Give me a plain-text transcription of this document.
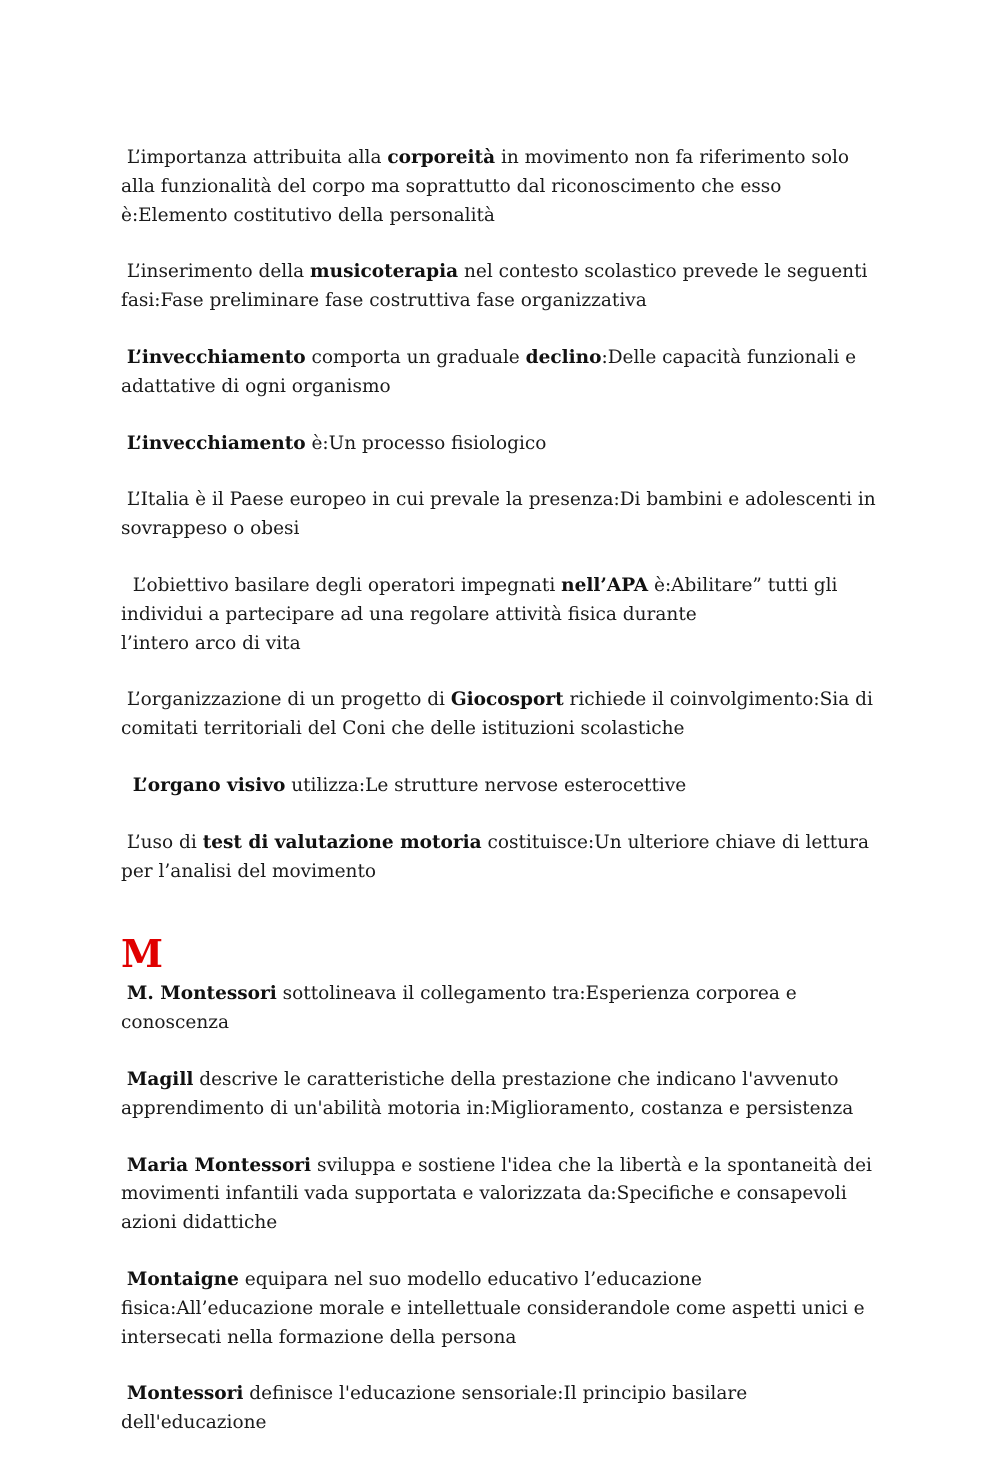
L’importanza attribuita alla corporeità in movimento non fa riferimento solo alla funzionalità del corpo ma soprattutto dal riconoscimento che esso è:Elemento costitutivo della personalità

L’inserimento della musicoterapia nel contesto scolastico prevede le seguenti fasi:Fase preliminare fase costruttiva fase organizzativa

L’invecchiamento comporta un graduale declino:Delle capacità funzionali e adattative di ogni organismo

L’invecchiamento è:Un processo fisiologico

L’Italia è il Paese europeo in cui prevale la presenza:Di bambini e adolescenti in sovrappeso o obesi

L’obiettivo basilare degli operatori impegnati nell’APA è:Abilitare” tutti gli individui a partecipare ad una regolare attività fisica durante
l’intero arco di vita

L’organizzazione di un progetto di Giocosport richiede il coinvolgimento:Sia di comitati territoriali del Coni che delle istituzioni scolastiche

L’organo visivo utilizza:Le strutture nervose esterocettive

L’uso di test di valutazione motoria costituisce:Un ulteriore chiave di lettura per l’analisi del movimento

M

M. Montessori sottolineava il collegamento tra:Esperienza corporea e conoscenza

Magill descrive le caratteristiche della prestazione che indicano l'avvenuto apprendimento di un'abilità motoria in:Miglioramento, costanza e persistenza

Maria Montessori sviluppa e sostiene l'idea che la libertà e la spontaneità dei movimenti infantili vada supportata e valorizzata da:Specifiche e consapevoli azioni didattiche

Montaigne equipara nel suo modello educativo l’educazione
fisica:All’educazione morale e intellettuale considerandole come aspetti unici e intersecati nella formazione della persona

Montessori definisce l'educazione sensoriale:Il principio basilare dell'educazione
